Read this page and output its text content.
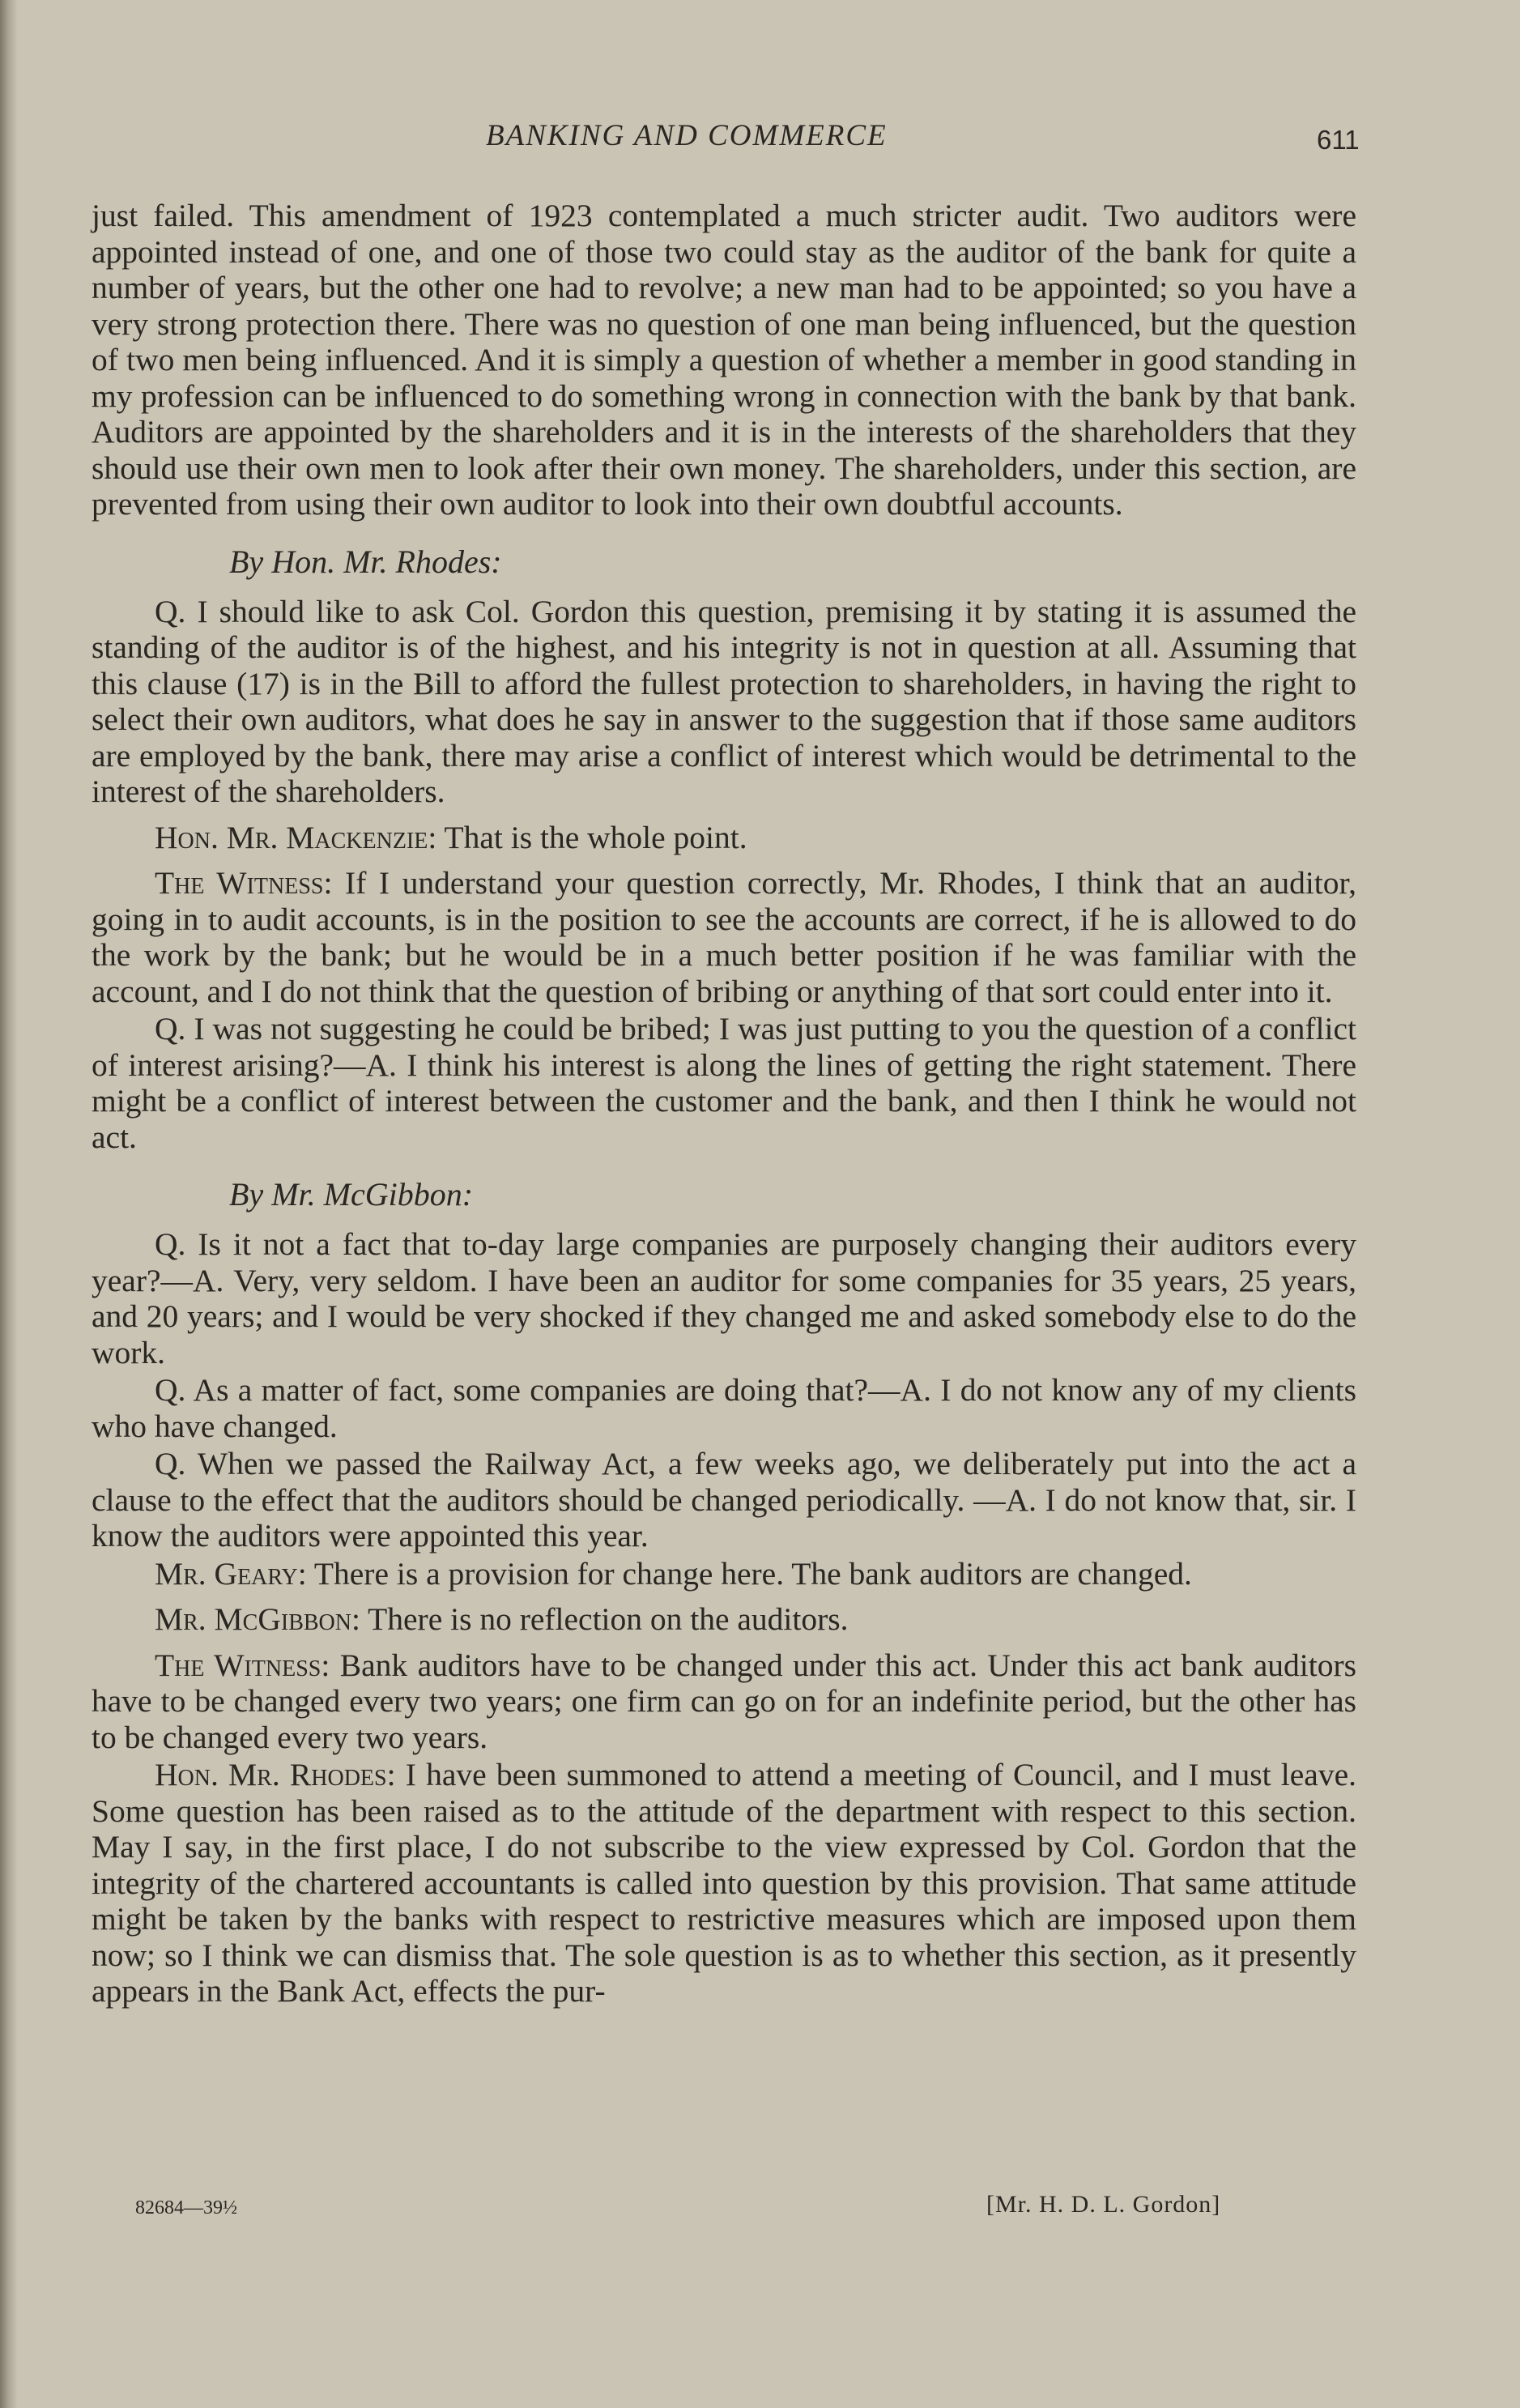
BANKING AND COMMERCE	611

just failed. This amendment of 1923 contemplated a much stricter audit. Two auditors were appointed instead of one, and one of those two could stay as the auditor of the bank for quite a number of years, but the other one had to revolve; a new man had to be appointed; so you have a very strong protection there. There was no question of one man being influenced, but the question of two men being influenced. And it is simply a question of whether a member in good standing in my profession can be influenced to do something wrong in connection with the bank by that bank. Auditors are appointed by the shareholders and it is in the interests of the shareholders that they should use their own men to look after their own money. The shareholders, under this section, are prevented from using their own auditor to look into their own doubtful accounts.

By Hon. Mr. Rhodes:

Q. I should like to ask Col. Gordon this question, premising it by stating it is assumed the standing of the auditor is of the highest, and his integrity is not in question at all. Assuming that this clause (17) is in the Bill to afford the fullest protection to shareholders, in having the right to select their own auditors, what does he say in answer to the suggestion that if those same auditors are employed by the bank, there may arise a conflict of interest which would be detrimental to the interest of the shareholders.

Hon. Mr. Mackenzie: That is the whole point.

The Witness: If I understand your question correctly, Mr. Rhodes, I think that an auditor, going in to audit accounts, is in the position to see the accounts are correct, if he is allowed to do the work by the bank; but he would be in a much better position if he was familiar with the account, and I do not think that the question of bribing or anything of that sort could enter into it.

Q. I was not suggesting he could be bribed; I was just putting to you the question of a conflict of interest arising?—A. I think his interest is along the lines of getting the right statement. There might be a conflict of interest between the customer and the bank, and then I think he would not act.

By Mr. McGibbon:

Q. Is it not a fact that to-day large companies are purposely changing their auditors every year?—A. Very, very seldom. I have been an auditor for some companies for 35 years, 25 years, and 20 years; and I would be very shocked if they changed me and asked somebody else to do the work.

Q. As a matter of fact, some companies are doing that?—A. I do not know any of my clients who have changed.

Q. When we passed the Railway Act, a few weeks ago, we deliberately put into the act a clause to the effect that the auditors should be changed periodically. —A. I do not know that, sir. I know the auditors were appointed this year.

Mr. Geary: There is a provision for change here. The bank auditors are changed.

Mr. McGibbon: There is no reflection on the auditors.

The Witness: Bank auditors have to be changed under this act. Under this act bank auditors have to be changed every two years; one firm can go on for an indefinite period, but the other has to be changed every two years.

Hon. Mr. Rhodes: I have been summoned to attend a meeting of Council, and I must leave. Some question has been raised as to the attitude of the department with respect to this section. May I say, in the first place, I do not subscribe to the view expressed by Col. Gordon that the integrity of the chartered accountants is called into question by this provision. That same attitude might be taken by the banks with respect to restrictive measures which are imposed upon them now; so I think we can dismiss that. The sole question is as to whether this section, as it presently appears in the Bank Act, effects the pur-

82684—39½	[Mr. H. D. L. Gordon]
